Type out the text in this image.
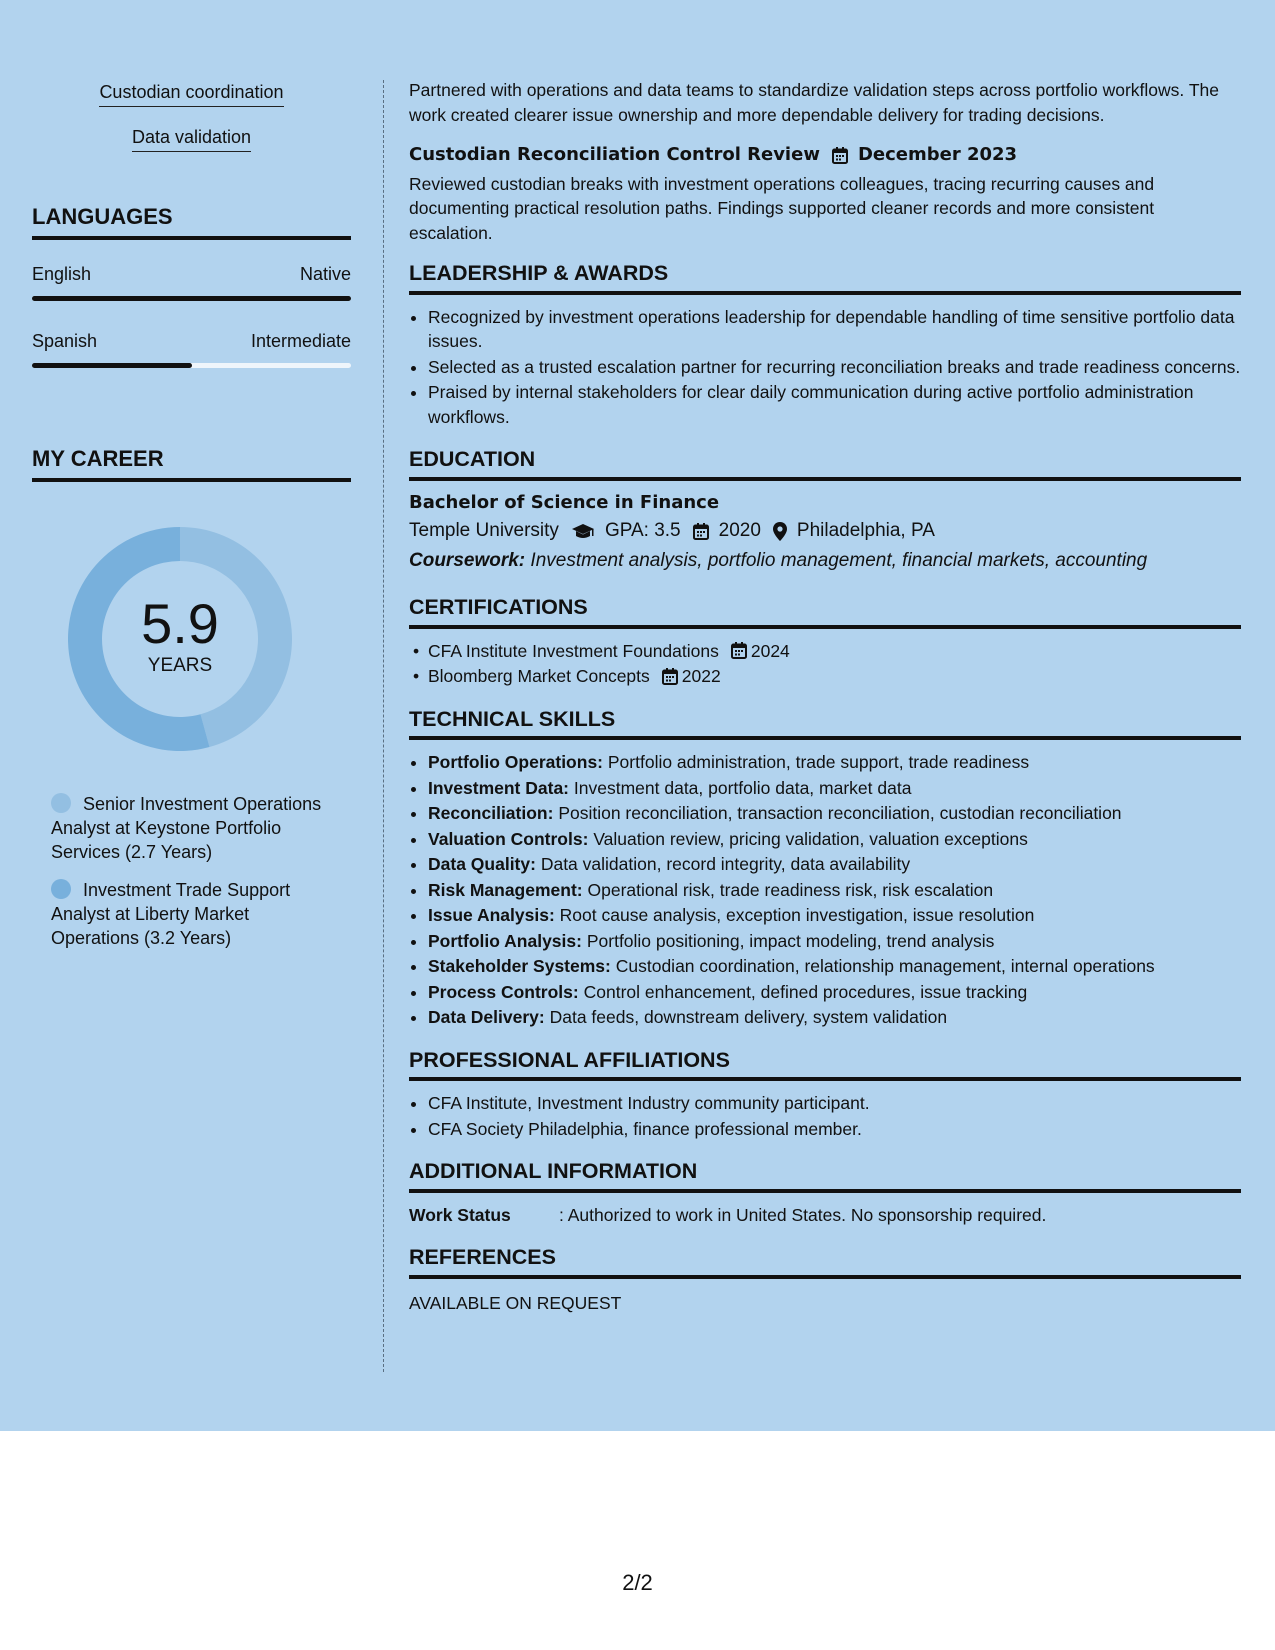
Custodian coordination
Data validation
LANGUAGES
English	Native
Spanish	Intermediate
MY CAREER
5.9
YEARS
Senior Investment Operations Analyst at Keystone Portfolio Services (2.7 Years)
Investment Trade Support Analyst at Liberty Market Operations (3.2 Years)

Partnered with operations and data teams to standardize validation steps across portfolio workflows. The work created clearer issue ownership and more dependable delivery for trading decisions.

Custodian Reconciliation Control Review December 2023

Reviewed custodian breaks with investment operations colleagues, tracing recurring causes and documenting practical resolution paths. Findings supported cleaner records and more consistent escalation.

LEADERSHIP & AWARDS
• Recognized by investment operations leadership for dependable handling of time sensitive portfolio data issues.
• Selected as a trusted escalation partner for recurring reconciliation breaks and trade readiness concerns.
• Praised by internal stakeholders for clear daily communication during active portfolio administration workflows.
EDUCATION
Bachelor of Science in Finance
Temple University GPA: 3.5 2020 Philadelphia, PA
Coursework: Investment analysis, portfolio management, financial markets, accounting
CERTIFICATIONS
• CFA Institute Investment Foundations 2024
• Bloomberg Market Concepts 2022
TECHNICAL SKILLS
• Portfolio Operations: Portfolio administration, trade support, trade readiness
• Investment Data: Investment data, portfolio data, market data
• Reconciliation: Position reconciliation, transaction reconciliation, custodian reconciliation
• Valuation Controls: Valuation review, pricing validation, valuation exceptions
• Data Quality: Data validation, record integrity, data availability
• Risk Management: Operational risk, trade readiness risk, risk escalation
• Issue Analysis: Root cause analysis, exception investigation, issue resolution
• Portfolio Analysis: Portfolio positioning, impact modeling, trend analysis
• Stakeholder Systems: Custodian coordination, relationship management, internal operations
• Process Controls: Control enhancement, defined procedures, issue tracking
• Data Delivery: Data feeds, downstream delivery, system validation
PROFESSIONAL AFFILIATIONS
• CFA Institute, Investment Industry community participant.
• CFA Society Philadelphia, finance professional member.
ADDITIONAL INFORMATION
Work Status	: Authorized to work in United States. No sponsorship required.
REFERENCES
AVAILABLE ON REQUEST
2/2
